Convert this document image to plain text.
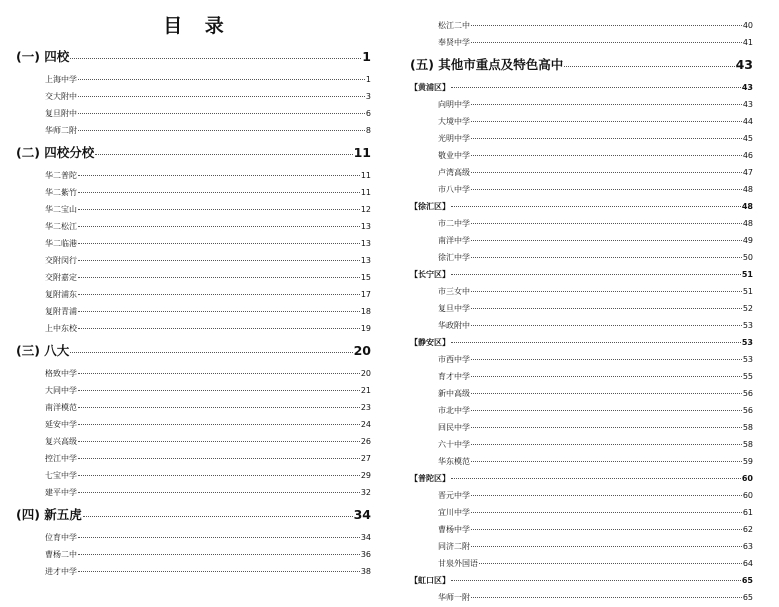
目 录
(一) 四校	1
上海中学	1
交大附中	3
复旦附中	6
华师二附	8
(二) 四校分校	11
华二普陀	11
华二紫竹	11
华二宝山	12
华二松江	13
华二临港	13
交附闵行	13
交附嘉定	15
复附浦东	17
复附青浦	18
上中东校	19
(三) 八大	20
格致中学	20
大同中学	21
南洋模范	23
延安中学	24
复兴高级	26
控江中学	27
七宝中学	29
建平中学	32
(四) 新五虎	34
位育中学	34
曹杨二中	36
进才中学	38
松江二中	40
奉贤中学	41
(五) 其他市重点及特色高中	43
【黄浦区】	43
向明中学	43
大境中学	44
光明中学	45
敬业中学	46
卢湾高级	47
市八中学	48
【徐汇区】	48
市二中学	48
南洋中学	49
徐汇中学	50
【长宁区】	51
市三女中	51
复旦中学	52
华政附中	53
【静安区】	53
市西中学	53
育才中学	55
新中高级	56
市北中学	56
回民中学	58
六十中学	58
华东模范	59
【普陀区】	60
晋元中学	60
宜川中学	61
曹杨中学	62
同济二附	63
甘泉外国语	64
【虹口区】	65
华师一附	65
